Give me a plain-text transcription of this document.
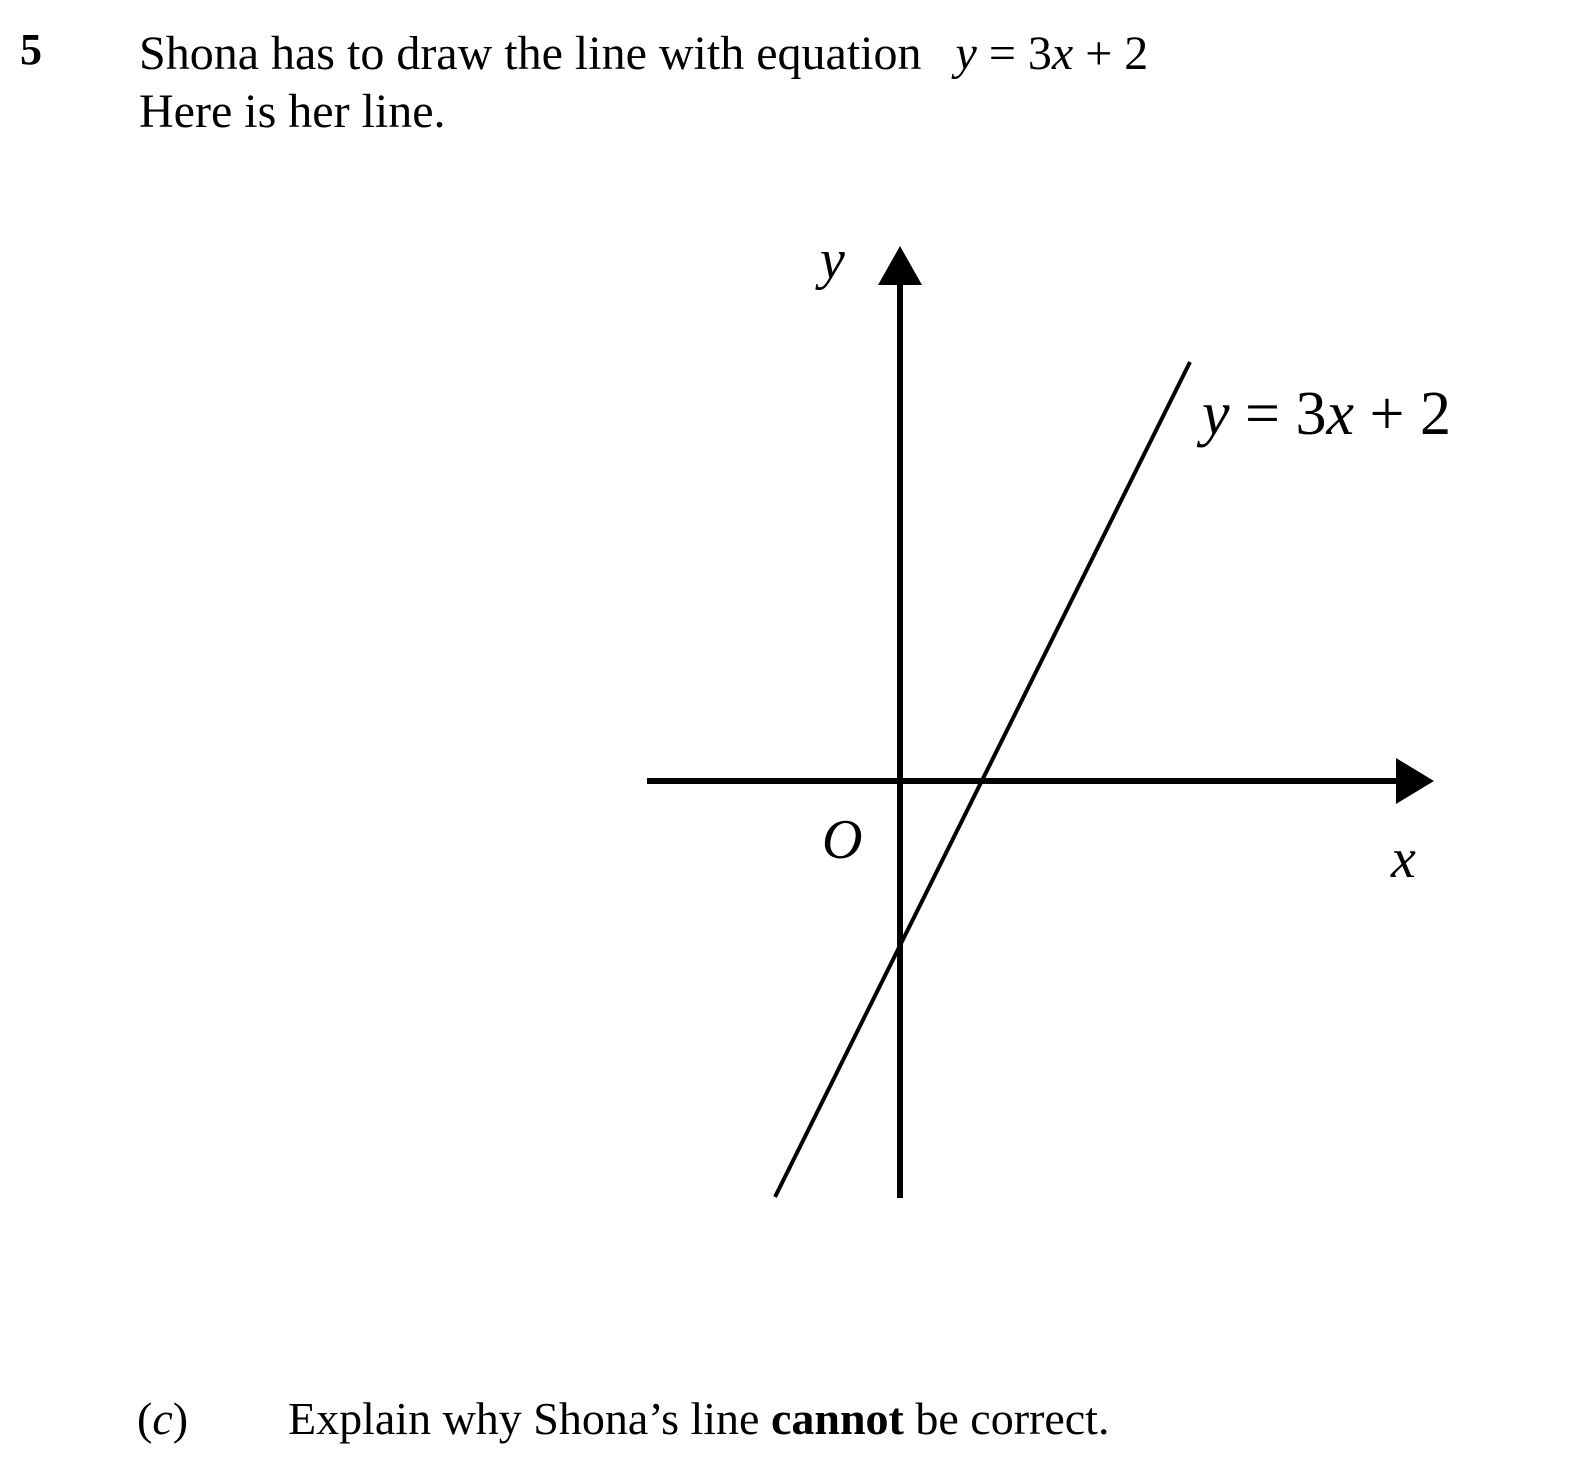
5 Shona has to draw the line with equation y = 3x + 2
Here is her line.
y
x
O
y = 3x + 2
(c) Explain why Shona’s line cannot be correct.
